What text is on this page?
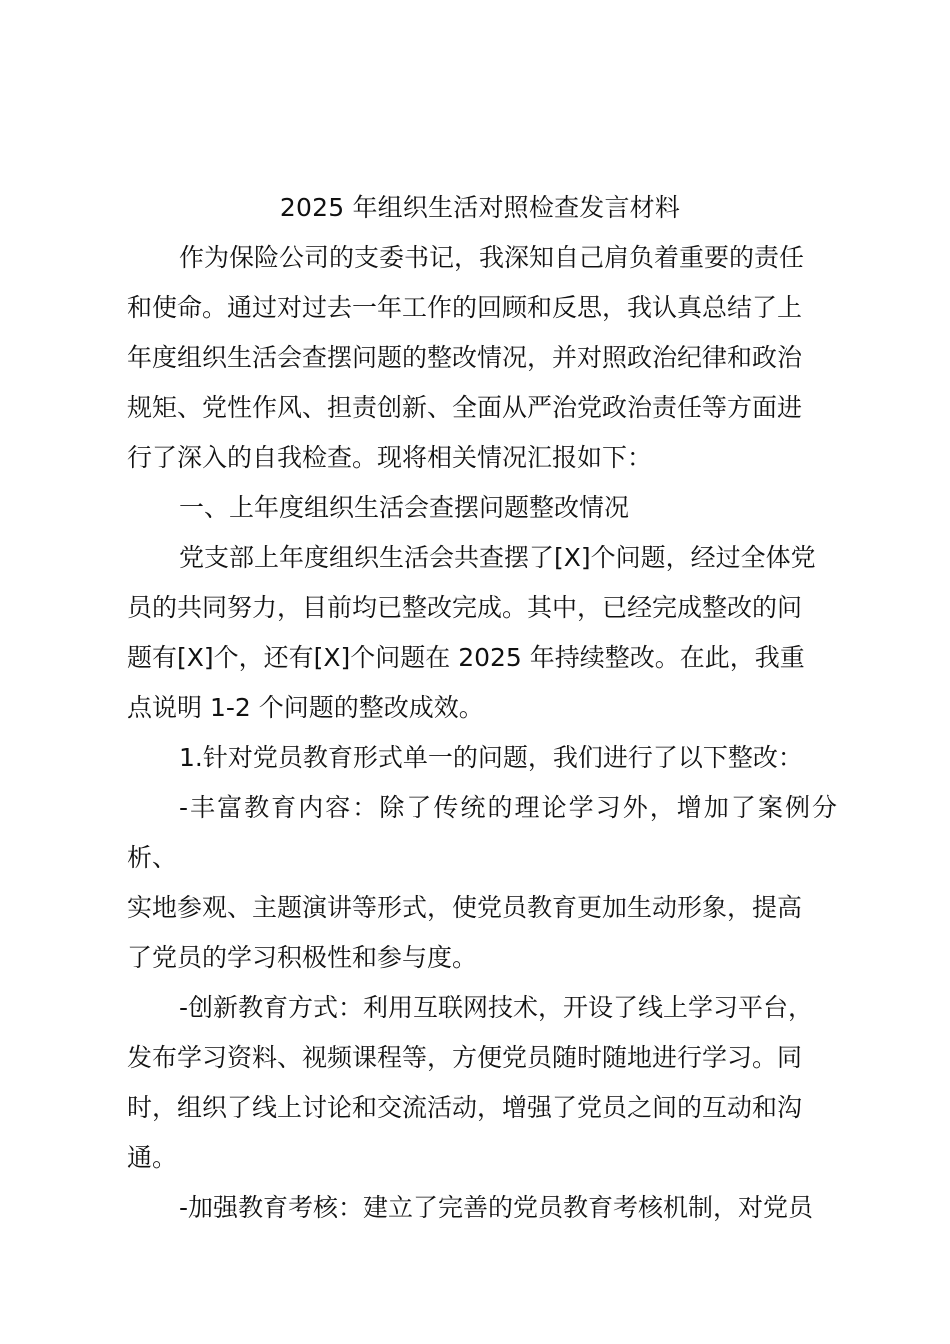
2025 年组织生活对照检查发言材料

作为保险公司的支委书记，我深知自己肩负着重要的责任
和使命。通过对过去一年工作的回顾和反思，我认真总结了上
年度组织生活会查摆问题的整改情况，并对照政治纪律和政治
规矩、党性作风、担责创新、全面从严治党政治责任等方面进
行了深入的自我检查。现将相关情况汇报如下：

一、上年度组织生活会查摆问题整改情况

党支部上年度组织生活会共查摆了[X]个问题，经过全体党
员的共同努力，目前均已整改完成。其中，已经完成整改的问
题有[X]个，还有[X]个问题在 2025 年持续整改。在此，我重
点说明 1-2 个问题的整改成效。

1.针对党员教育形式单一的问题，我们进行了以下整改：

-丰富教育内容：除了传统的理论学习外，增加了案例分析、
实地参观、主题演讲等形式，使党员教育更加生动形象，提高
了党员的学习积极性和参与度。

-创新教育方式：利用互联网技术，开设了线上学习平台，
发布学习资料、视频课程等，方便党员随时随地进行学习。同
时，组织了线上讨论和交流活动，增强了党员之间的互动和沟
通。

-加强教育考核：建立了完善的党员教育考核机制，对党员
